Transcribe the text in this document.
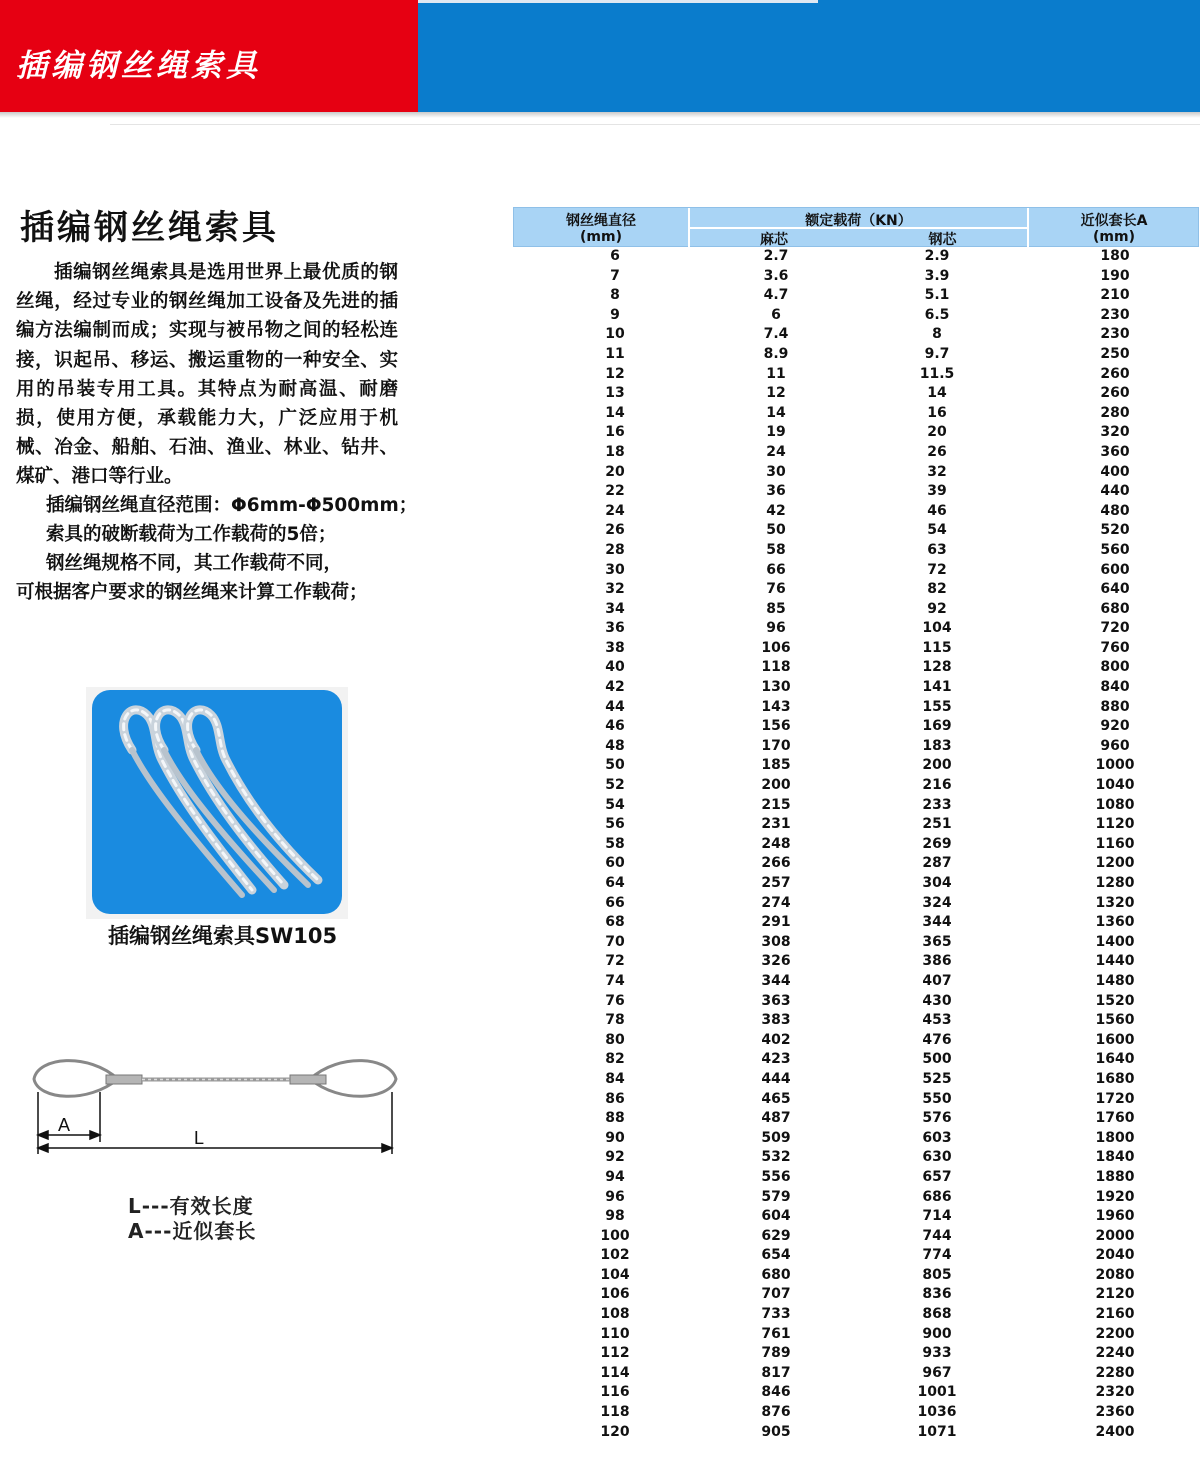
插编钢丝绳索具
插编钢丝绳索具

插编钢丝绳索具是选用世界上最优质的钢丝绳，经过专业的钢丝绳加工设备及先进的插编方法编制而成；实现与被吊物之间的轻松连接，识起吊、移运、搬运重物的一种安全、实用的吊装专用工具。其特点为耐高温、耐磨损，使用方便，承载能力大，广泛应用于机械、冶金、船舶、石油、渔业、林业、钻井、煤矿、港口等行业。

插编钢丝绳直径范围：Φ6mm-Φ500mm；
索具的破断载荷为工作载荷的5倍；
钢丝绳规格不同，其工作载荷不同，
可根据客户要求的钢丝绳来计算工作载荷；
插编钢丝绳索具SW105
A
L
L---有效长度
A---近似套长
钢丝绳直径
(mm)
额定载荷（KN）
麻芯	钢芯
近似套长A
(mm)
6	2.7	2.9	180
7	3.6	3.9	190
8	4.7	5.1	210
9	6	6.5	230
10	7.4	8	230
11	8.9	9.7	250
12	11	11.5	260
13	12	14	260
14	14	16	280
16	19	20	320
18	24	26	360
20	30	32	400
22	36	39	440
24	42	46	480
26	50	54	520
28	58	63	560
30	66	72	600
32	76	82	640
34	85	92	680
36	96	104	720
38	106	115	760
40	118	128	800
42	130	141	840
44	143	155	880
46	156	169	920
48	170	183	960
50	185	200	1000
52	200	216	1040
54	215	233	1080
56	231	251	1120
58	248	269	1160
60	266	287	1200
64	257	304	1280
66	274	324	1320
68	291	344	1360
70	308	365	1400
72	326	386	1440
74	344	407	1480
76	363	430	1520
78	383	453	1560
80	402	476	1600
82	423	500	1640
84	444	525	1680
86	465	550	1720
88	487	576	1760
90	509	603	1800
92	532	630	1840
94	556	657	1880
96	579	686	1920
98	604	714	1960
100	629	744	2000
102	654	774	2040
104	680	805	2080
106	707	836	2120
108	733	868	2160
110	761	900	2200
112	789	933	2240
114	817	967	2280
116	846	1001	2320
118	876	1036	2360
120	905	1071	2400
